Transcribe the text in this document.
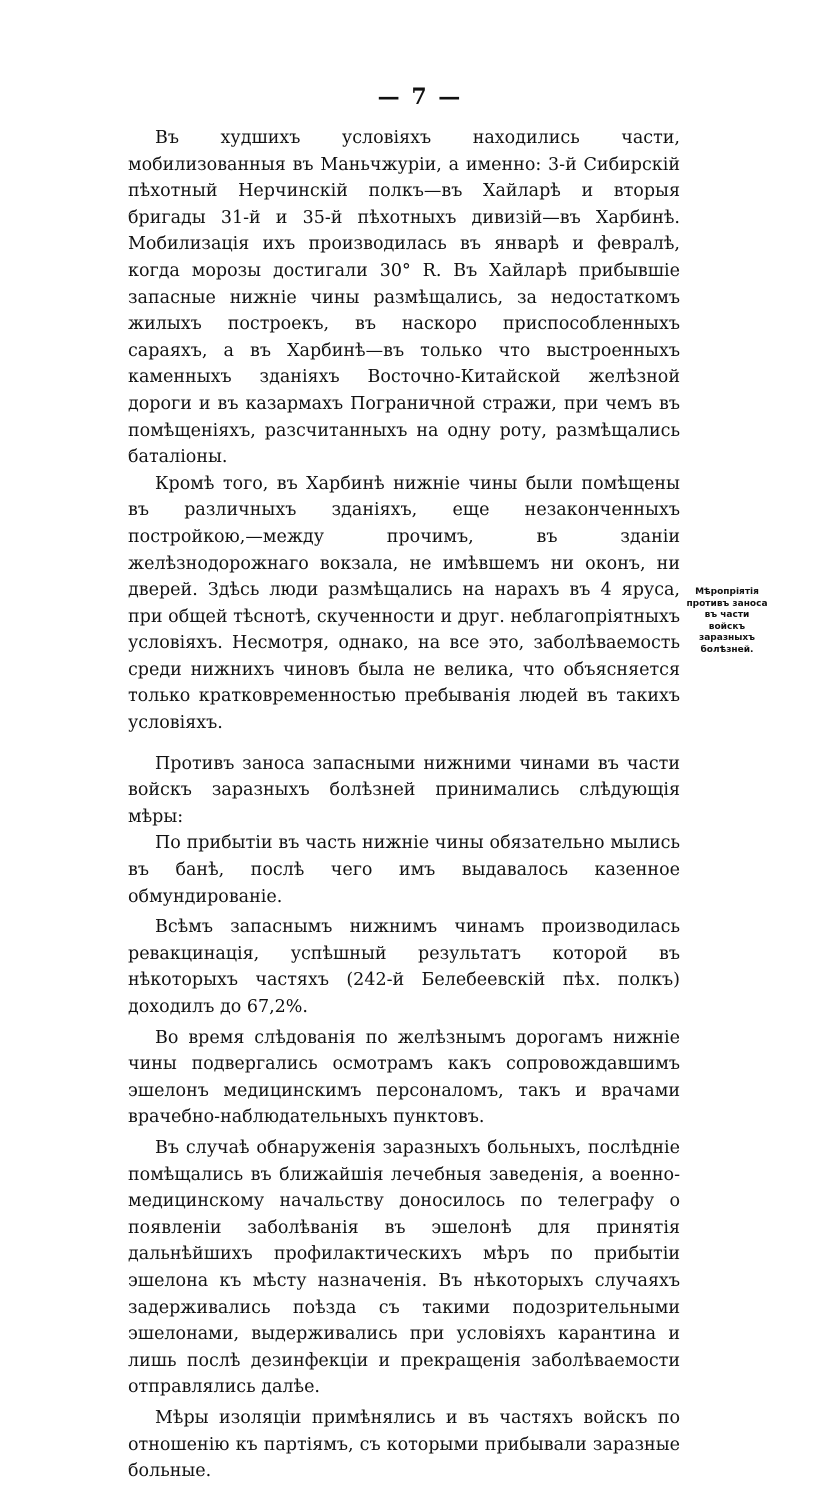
— 7 —

Въ худшихъ условіяхъ находились части, мобилизованныя въ Маньчжуріи, а именно: 3-й Сибирскій пѣхотный Нерчинскій полкъ—въ Хайларѣ и вторыя бригады 31-й и 35-й пѣхотныхъ дивизій—въ Харбинѣ. Мобилизація ихъ производилась въ январѣ и февралѣ, когда морозы достигали 30° R. Въ Хайларѣ прибывшіе запасные нижніе чины размѣщались, за недостаткомъ жилыхъ построекъ, въ наскоро приспособленныхъ сараяхъ, а въ Харбинѣ—въ только что выстроенныхъ каменныхъ зданіяхъ Восточно-Китайской желѣзной дороги и въ казармахъ Пограничной стражи, при чемъ въ помѣщеніяхъ, разсчитанныхъ на одну роту, размѣщались баталіоны.

Кромѣ того, въ Харбинѣ нижніе чины были помѣщены въ различныхъ зданіяхъ, еще незаконченныхъ постройкою,—между прочимъ, въ зданіи желѣзнодорожнаго вокзала, не имѣвшемъ ни оконъ, ни дверей. Здѣсь люди размѣщались на нарахъ въ 4 яруса, при общей тѣснотѣ, скученности и друг. неблагопріятныхъ условіяхъ. Несмотря, однако, на все это, заболѣваемость среди нижнихъ чиновъ была не велика, что объясняется только кратковременностью пребыванія людей въ такихъ условіяхъ.

Противъ заноса запасными нижними чинами въ части войскъ заразныхъ болѣзней принимались слѣдующія мѣры:

По прибытіи въ часть нижніе чины обязательно мылись въ банѣ, послѣ чего имъ выдавалось казенное обмундированіе.

Всѣмъ запаснымъ нижнимъ чинамъ производилась ревакцинація, успѣшный результатъ которой въ нѣкоторыхъ частяхъ (242-й Белебеевскій пѣх. полкъ) доходилъ до 67,2%.

Во время слѣдованія по желѣзнымъ дорогамъ нижніе чины подвергались осмотрамъ какъ сопровождавшимъ эшелонъ медицинскимъ персоналомъ, такъ и врачами врачебно-наблюдательныхъ пунктовъ.

Въ случаѣ обнаруженія заразныхъ больныхъ, послѣдніе помѣщались въ ближайшія лечебныя заведенія, а военно-медицинскому начальству доносилось по телеграфу о появленіи заболѣванія въ эшелонѣ для принятія дальнѣйшихъ профилактическихъ мѣръ по прибытіи эшелона къ мѣсту назначенія. Въ нѣкоторыхъ случаяхъ задерживались поѣзда съ такими подозрительными эшелонами, выдерживались при условіяхъ карантина и лишь послѣ дезинфекціи и прекращенія заболѣваемости отправлялись далѣе.

Мѣры изоляціи примѣнялись и въ частяхъ войскъ по отношенію къ партіямъ, съ которыми прибывали заразные больные.

Мѣропріятія противъ заноса въ части войскъ заразныхъ болѣзней.
